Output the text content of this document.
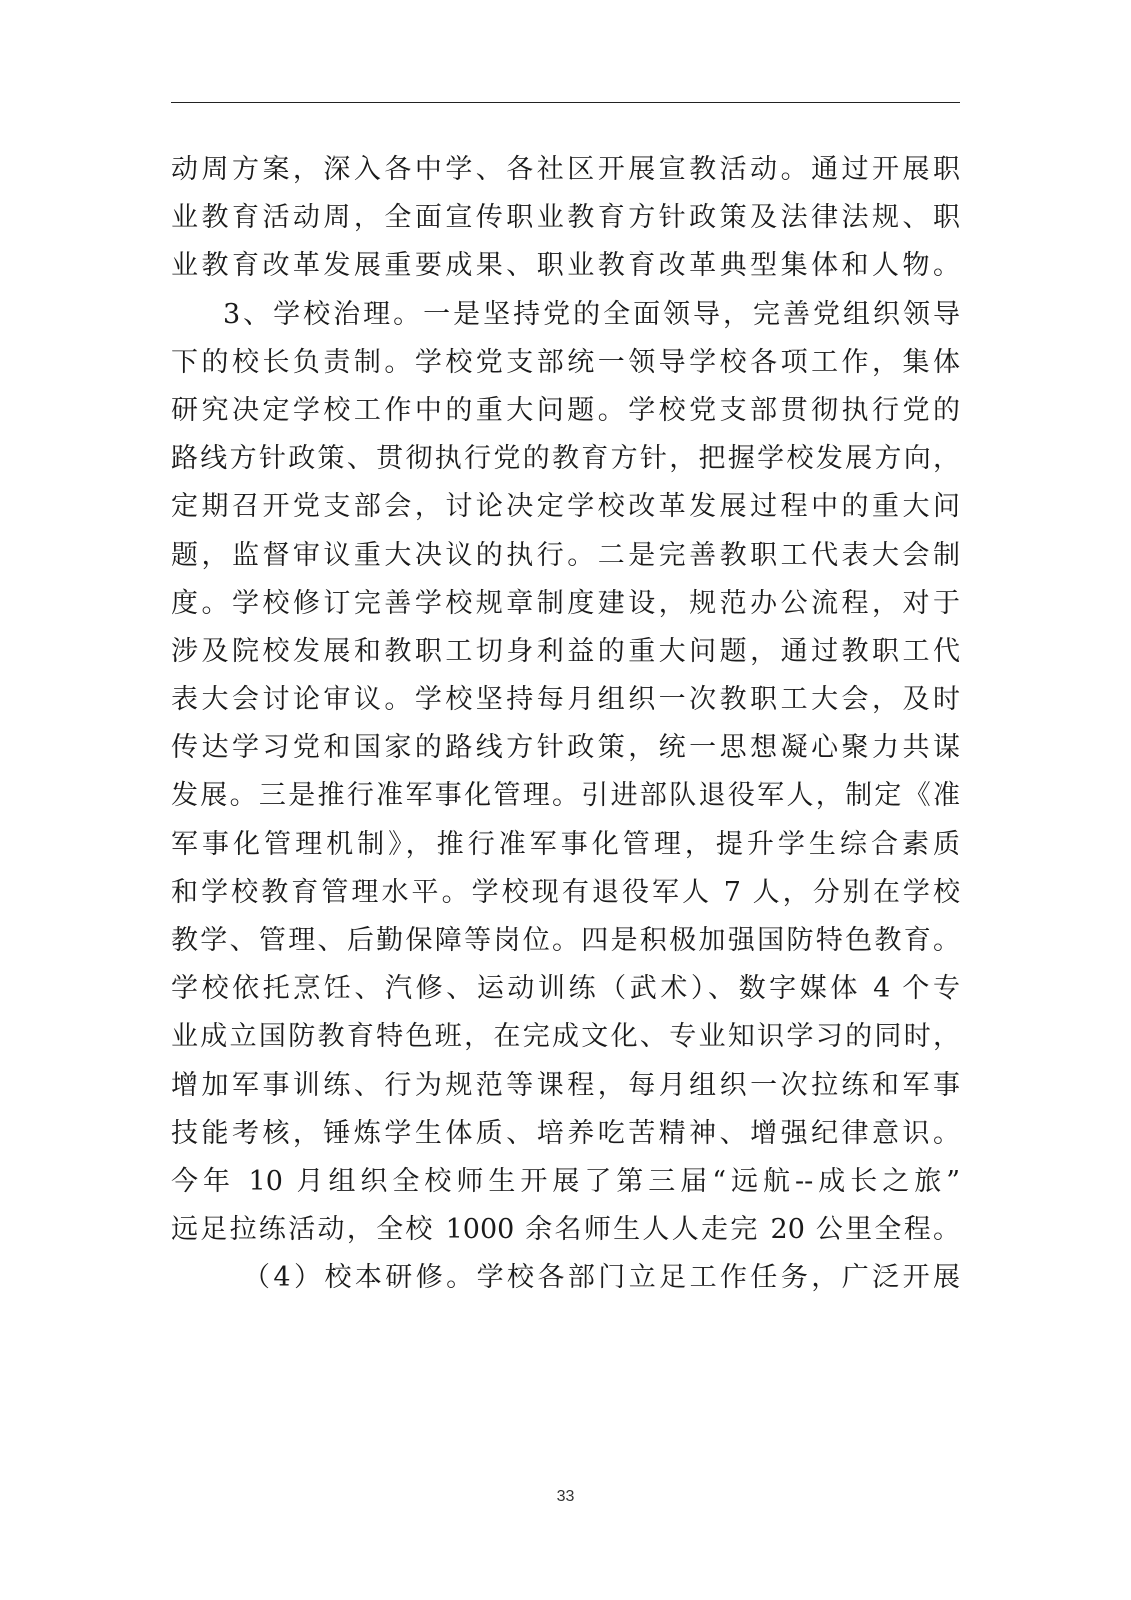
动周方案，深入各中学、各社区开展宣教活动。通过开展职
业教育活动周，全面宣传职业教育方针政策及法律法规、职
业教育改革发展重要成果、职业教育改革典型集体和人物。
3、学校治理。一是坚持党的全面领导，完善党组织领导
下的校长负责制。学校党支部统一领导学校各项工作，集体
研究决定学校工作中的重大问题。学校党支部贯彻执行党的
路线方针政策、贯彻执行党的教育方针，把握学校发展方向，
定期召开党支部会，讨论决定学校改革发展过程中的重大问
题，监督审议重大决议的执行。二是完善教职工代表大会制
度。学校修订完善学校规章制度建设，规范办公流程，对于
涉及院校发展和教职工切身利益的重大问题，通过教职工代
表大会讨论审议。学校坚持每月组织一次教职工大会，及时
传达学习党和国家的路线方针政策，统一思想凝心聚力共谋
发展。三是推行准军事化管理。引进部队退役军人，制定《准
军事化管理机制》，推行准军事化管理，提升学生综合素质
和学校教育管理水平。学校现有退役军人 7 人，分别在学校
教学、管理、后勤保障等岗位。四是积极加强国防特色教育。
学校依托烹饪、汽修、运动训练（武术）、数字媒体 4 个专
业成立国防教育特色班，在完成文化、专业知识学习的同时，
增加军事训练、行为规范等课程，每月组织一次拉练和军事
技能考核，锤炼学生体质、培养吃苦精神、增强纪律意识。
今年 10 月组织全校师生开展了第三届“远航--成长之旅”
远足拉练活动，全校 1000 余名师生人人走完 20 公里全程。
（4）校本研修。学校各部门立足工作任务，广泛开展
33
